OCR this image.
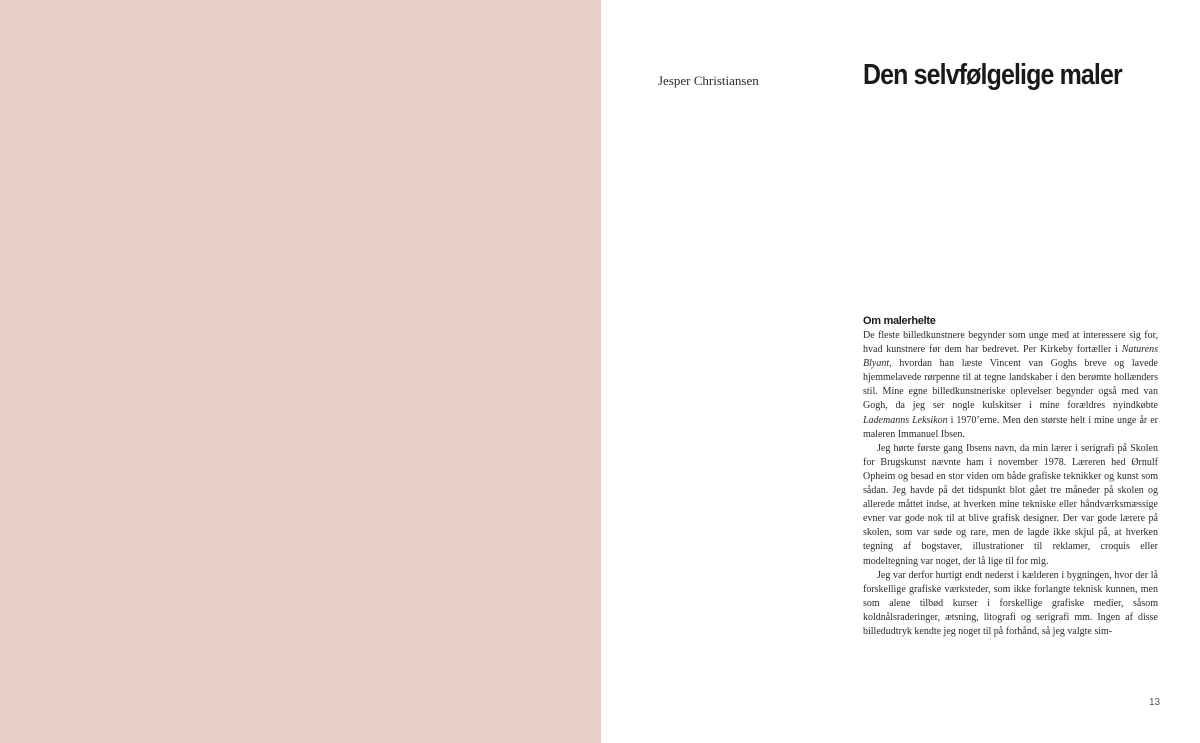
Jesper Christiansen	Den selvfølgelige maler
Om malerhelte

De fleste billedkunstnere begynder som unge med at interessere sig for, hvad kunstnere før dem har bedrevet. Per Kirkeby fortæller i Naturens Blyant, hvordan han læste Vincent van Goghs breve og lavede hjemmelavede rørpenne til at tegne landskaber i den berømte hollænders stil. Mine egne billedkunstneriske oplevelser begynder også med van Gogh, da jeg ser nogle kulskitser i mine forældres nyindkøbte Lademanns Leksikon i 1970’erne. Men den største helt i mine unge år er maleren Immanuel Ibsen.

Jeg hørte første gang Ibsens navn, da min lærer i serigrafi på Skolen for Brugskunst nævnte ham i november 1978. Læreren hed Ørnulf Opheim og besad en stor viden om både grafiske teknikker og kunst som sådan. Jeg havde på det tidspunkt blot gået tre måneder på skolen og allerede måttet indse, at hverken mine tekniske eller håndværksmæssige evner var gode nok til at blive grafisk designer. Der var gode lærere på skolen, som var søde og rare, men de lagde ikke skjul på, at hverken tegning af bogstaver, illustrationer til reklamer, croquis eller modeltegning var noget, der lå lige til for mig.

Jeg var derfor hurtigt endt nederst i kælderen i bygningen, hvor der lå forskellige grafiske værksteder, som ikke forlangte teknisk kunnen, men som alene tilbød kurser i forskellige grafiske medier, såsom koldnålsraderinger, ætsning, litografi og serigrafi mm. Ingen af disse billedudtryk kendte jeg noget til på forhånd, så jeg valgte sim-

13
